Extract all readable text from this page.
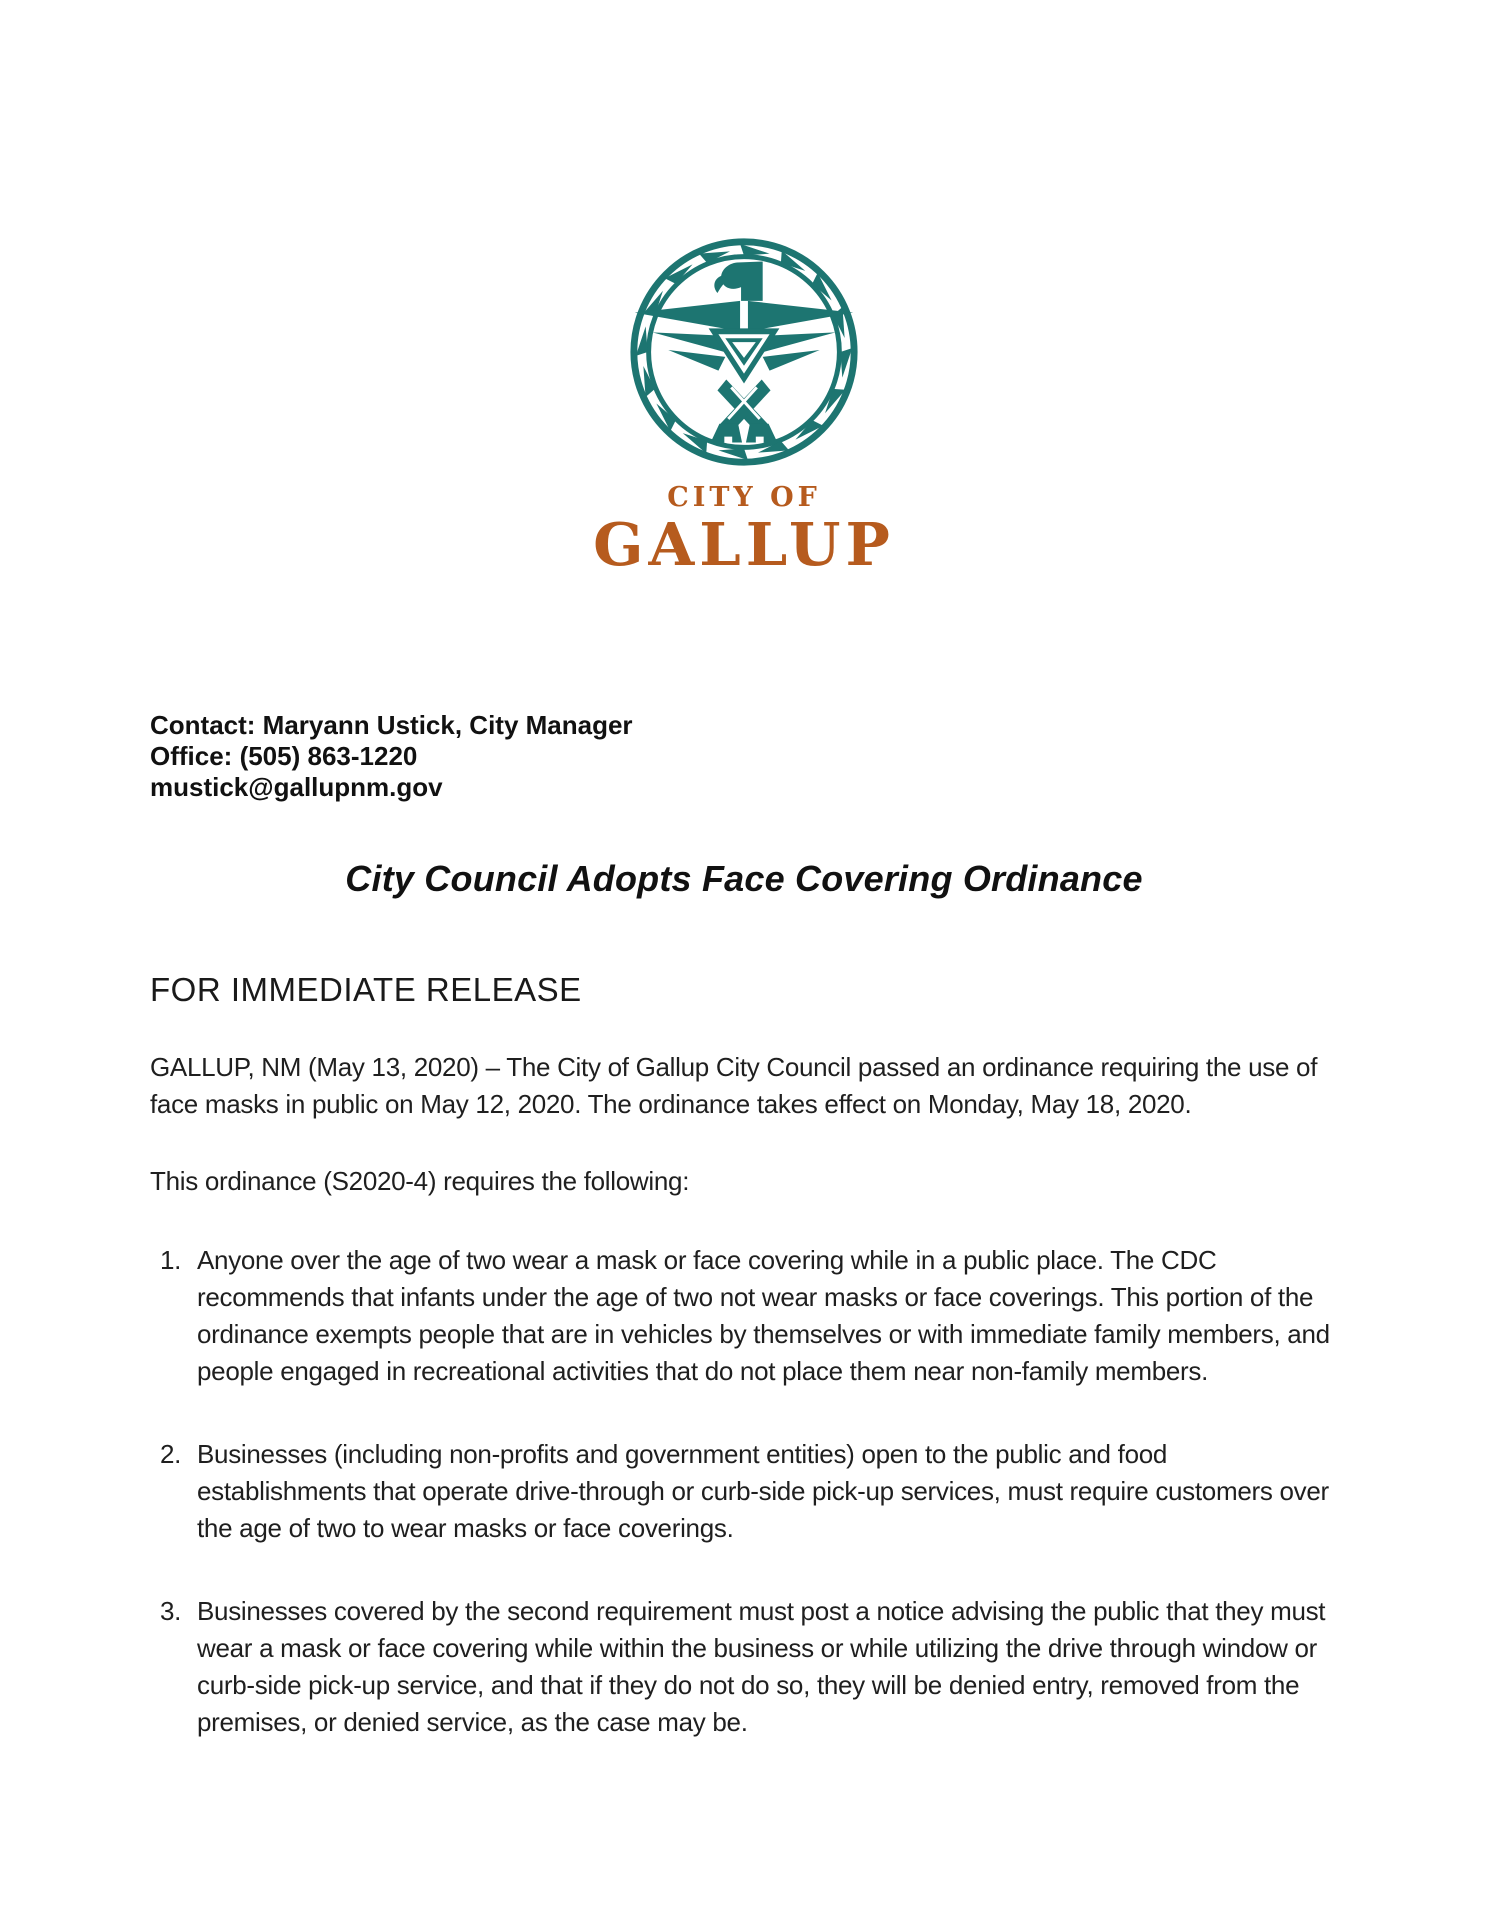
CITY OF
GALLUP
Contact: Maryann Ustick, City Manager
Office: (505) 863-1220
mustick@gallupnm.gov
City Council Adopts Face Covering Ordinance
FOR IMMEDIATE RELEASE
GALLUP, NM (May 13, 2020) – The City of Gallup City Council passed an ordinance requiring the use of face masks in public on May 12, 2020. The ordinance takes effect on Monday, May 18, 2020.
This ordinance (S2020-4) requires the following:
1. Anyone over the age of two wear a mask or face covering while in a public place. The CDC recommends that infants under the age of two not wear masks or face coverings. This portion of the ordinance exempts people that are in vehicles by themselves or with immediate family members, and people engaged in recreational activities that do not place them near non-family members.
2. Businesses (including non-profits and government entities) open to the public and food establishments that operate drive-through or curb-side pick-up services, must require customers over the age of two to wear masks or face coverings.
3. Businesses covered by the second requirement must post a notice advising the public that they must wear a mask or face covering while within the business or while utilizing the drive through window or curb-side pick-up service, and that if they do not do so, they will be denied entry, removed from the premises, or denied service, as the case may be.
